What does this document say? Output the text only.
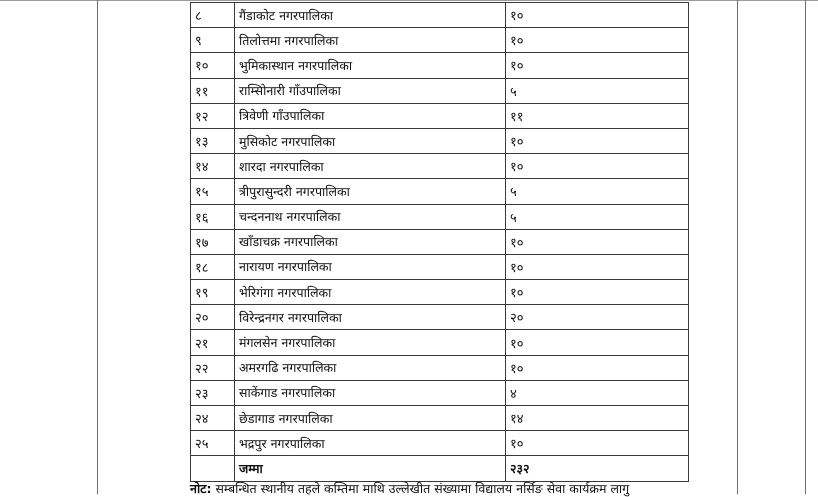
८	गैंडाकोट नगरपालिका	१०
९	तिलोत्तमा नगरपालिका	१०
१०	भुमिकास्थान नगरपालिका	१०
११	राम्सिोनारी गाँउपालिका	५
१२	त्रिवेणी गाँउपालिका	११
१३	मुसिकोट नगरपालिका	१०
१४	शारदा नगरपालिका	१०
१५	त्रीपुरासुन्दरी नगरपालिका	५
१६	चन्दननाथ नगरपालिका	५
१७	खाँडाचक्र नगरपालिका	१०
१८	नारायण नगरपालिका	१०
१९	भेरिगंगा नगरपालिका	१०
२०	विरेन्द्रनगर नगरपालिका	२०
२१	मंगलसेन नगरपालिका	१०
२२	अमरगढि नगरपालिका	१०
२३	साकेंगाड नगरपालिका	४
२४	छेडागाड नगरपालिका	१४
२५	भद्रपुर नगरपालिका	१०
	जम्मा	२३२
नोट: सम्बन्धित स्थानीय तहले कम्तिमा माथि उल्लेखीत संख्यामा विद्यालय नर्सिङ सेवा कार्यक्रम लागु
